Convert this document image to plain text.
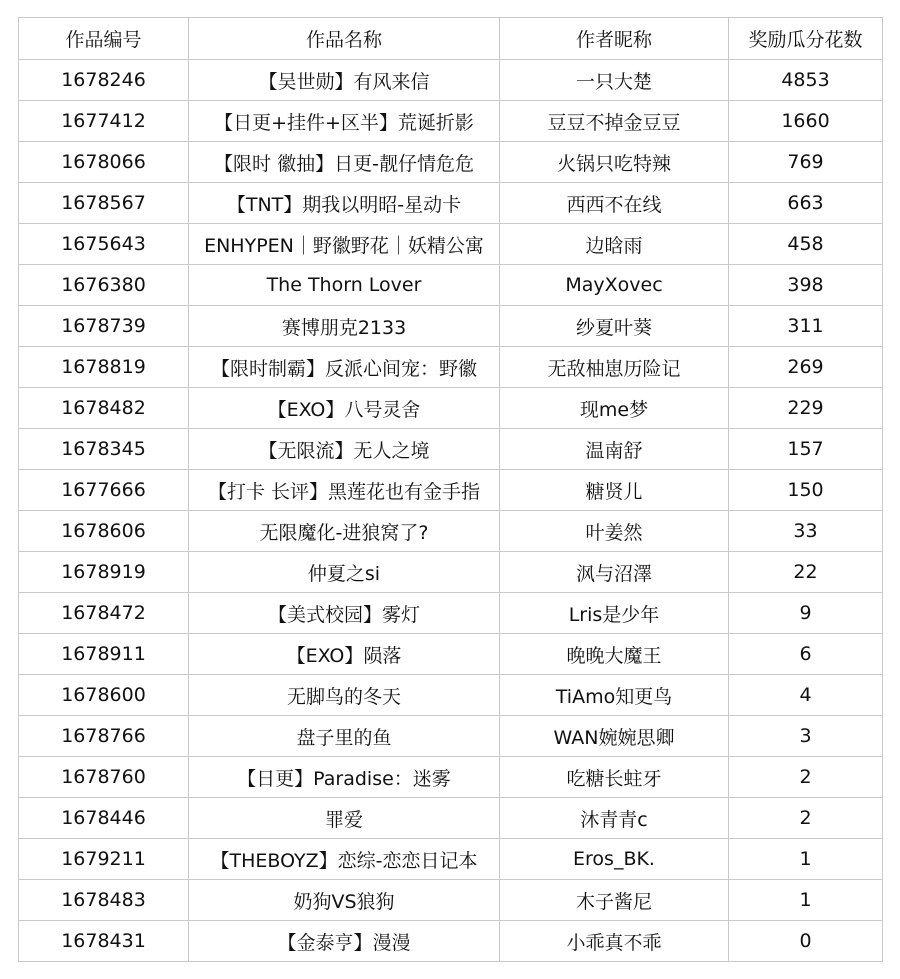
作品编号	作品名称	作者昵称	奖励瓜分花数
1678246	【吴世勋】有风来信	一只大楚	4853
1677412	【日更+挂件+区半】荒诞折影	豆豆不掉金豆豆	1660
1678066	【限时 徽抽】日更-靓仔情危危	火锅只吃特辣	769
1678567	【TNT】期我以明昭-星动卡	西西不在线	663
1675643	ENHYPEN｜野徽野花｜妖精公寓	边晗雨	458
1676380	The Thorn Lover	MayXovec	398
1678739	赛博朋克2133	纱夏叶葵	311
1678819	【限时制霸】反派心间宠：野徽	无敌柚崽历险记	269
1678482	【EXO】八号灵舍	现me梦	229
1678345	【无限流】无人之境	温南舒	157
1677666	【打卡 长评】黑莲花也有金手指	糖贤儿	150
1678606	无限魔化-进狼窝了?	叶姜然	33
1678919	仲夏之si	沨与沼澤	22
1678472	【美式校园】雾灯	Lris是少年	9
1678911	【EXO】陨落	晚晚大魔王	6
1678600	无脚鸟的冬天	TiAmo知更鸟	4
1678766	盘子里的鱼	WAN婉婉思卿	3
1678760	【日更】Paradise：迷雾	吃糖长蛀牙	2
1678446	罪爱	沐青青c	2
1679211	【THEBOYZ】恋综-恋恋日记本	Eros_BK.	1
1678483	奶狗VS狼狗	木子酱尼	1
1678431	【金泰亨】漫漫	小乖真不乖	0
